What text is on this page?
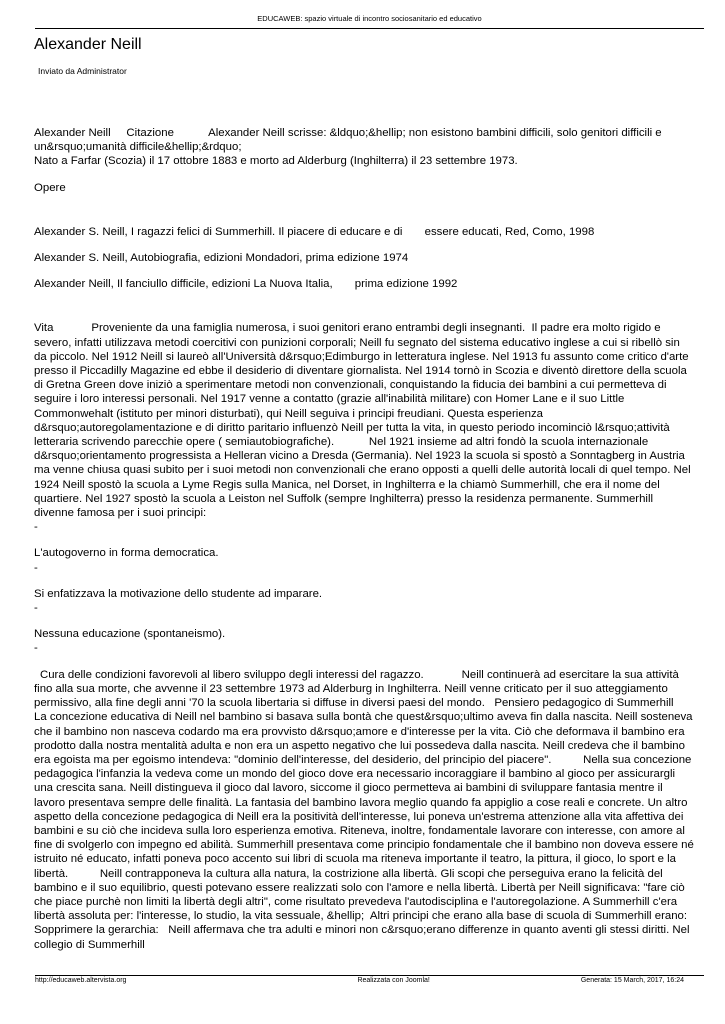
EDUCAWEB: spazio virtuale di incontro sociosanitario ed educativo
Alexander Neill
Inviato da Administrator

Alexander Neill     Citazione           Alexander Neill scrisse: &ldquo;&hellip; non esistono bambini difficili, solo genitori difficili e un&rsquo;umanità difficile&hellip;&rdquo;

Nato a Farfar (Scozia) il 17 ottobre 1883 e morto ad Alderburg (Inghilterra) il 23 settembre 1973.

Opere

Alexander S. Neill, I ragazzi felici di Summerhill. Il piacere di educare e di       essere educati, Red, Como, 1998

Alexander S. Neill, Autobiografia, edizioni Mondadori, prima edizione 1974

Alexander Neill, Il fanciullo difficile, edizioni La Nuova Italia,       prima edizione 1992

Vita            Proveniente da una famiglia numerosa, i suoi genitori erano entrambi degli insegnanti.  Il padre era molto rigido e severo, infatti utilizzava metodi coercitivi con punizioni corporali; Neill fu segnato del sistema educativo inglese a cui si ribellò sin da piccolo. Nel 1912 Neill si laureò all'Università d&rsquo;Edimburgo in letteratura inglese. Nel 1913 fu assunto come critico d'arte presso il Piccadilly Magazine ed ebbe il desiderio di diventare giornalista. Nel 1914 tornò in Scozia e diventò direttore della scuola di Gretna Green dove iniziò a sperimentare metodi non convenzionali, conquistando la fiducia dei bambini a cui permetteva di seguire i loro interessi personali. Nel 1917 venne a contatto (grazie all'inabilità militare) con Homer Lane e il suo Little Commonwehalt (istituto per minori disturbati), qui Neill seguiva i principi freudiani. Questa esperienza d&rsquo;autoregolamentazione e di diritto paritario influenzò Neill per tutta la vita, in questo periodo incominciò l&rsquo;attività letteraria scrivendo parecchie opere ( semiautobiografiche).           Nel 1921 insieme ad altri fondò la scuola internazionale d&rsquo;orientamento progressista a Helleran vicino a Dresda (Germania). Nel 1923 la scuola si spostò a Sonntagberg in Austria ma venne chiusa quasi subito per i suoi metodi non convenzionali che erano opposti a quelli delle autorità locali di quel tempo. Nel 1924 Neill spostò la scuola a Lyme Regis sulla Manica, nel Dorset, in Inghilterra e la chiamò Summerhill, che era il nome del quartiere. Nel 1927 spostò la scuola a Leiston nel Suffolk (sempre Inghilterra) presso la residenza permanente. Summerhill divenne famosa per i suoi principi:

-

L'autogoverno in forma democratica.

-

Si enfatizzava la motivazione dello studente ad imparare.

-

Nessuna educazione (spontaneismo).

-

Cura delle condizioni favorevoli al libero sviluppo degli interessi del ragazzo.            Neill continuerà ad esercitare la sua attività fino alla sua morte, che avvenne il 23 settembre 1973 ad Alderburg in Inghilterra. Neill venne criticato per il suo atteggiamento permissivo, alla fine degli anni '70 la scuola libertaria si diffuse in diversi paesi del mondo.   Pensiero pedagogico di Summerhill            La concezione educativa di Neill nel bambino si basava sulla bontà che quest&rsquo;ultimo aveva fin dalla nascita. Neill sosteneva che il bambino non nasceva codardo ma era provvisto d&rsquo;amore e d'interesse per la vita. Ciò che deformava il bambino era prodotto dalla nostra mentalità adulta e non era un aspetto negativo che lui possedeva dalla nascita. Neill credeva che il bambino era egoista ma per egoismo intendeva: "dominio dell'interesse, del desiderio, del principio del piacere".          Nella sua concezione pedagogica l'infanzia la vedeva come un mondo del gioco dove era necessario incoraggiare il bambino al gioco per assicurargli una crescita sana. Neill distingueva il gioco dal lavoro, siccome il gioco permetteva ai bambini di sviluppare fantasia mentre il lavoro presentava sempre delle finalità. La fantasia del bambino lavora meglio quando fa appiglio a cose reali e concrete. Un altro aspetto della concezione pedagogica di Neill era la positività dell'interesse, lui poneva un'estrema attenzione alla vita affettiva dei bambini e su ciò che incideva sulla loro esperienza emotiva. Riteneva, inoltre, fondamentale lavorare con interesse, con amore al fine di svolgerlo con impegno ed abilità. Summerhill presentava come principio fondamentale che il bambino non doveva essere né istruito né educato, infatti poneva poco accento sui libri di scuola ma riteneva importante il teatro, la pittura, il gioco, lo sport e la libertà.          Neill contrapponeva la cultura alla natura, la costrizione alla libertà. Gli scopi che perseguiva erano la felicità del bambino e il suo equilibrio, questi potevano essere realizzati solo con l'amore e nella libertà. Libertà per Neill significava: "fare ciò che piace purchè non limiti la libertà degli altri", come risultato prevedeva l'autodisciplina e l'autoregolazione. A Summerhill c'era libertà assoluta per: l'interesse, lo studio, la vita sessuale, &hellip;  Altri principi che erano alla base di scuola di Summerhill erano:   Sopprimere la gerarchia:   Neill affermava che tra adulti e minori non c&rsquo;erano differenze in quanto aventi gli stessi diritti. Nel collegio di Summerhill

http://educaweb.altervista.org	Realizzata con Joomla!	Generata: 15 March, 2017, 16:24
